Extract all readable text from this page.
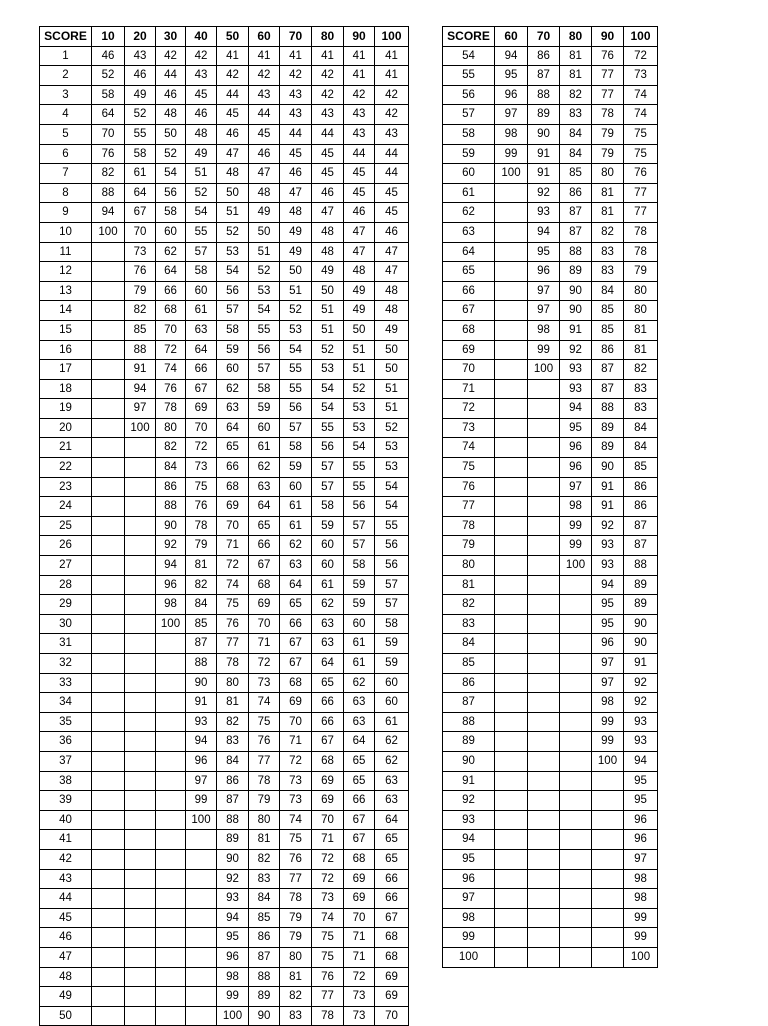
SCORE	10	20	30	40	50	60	70	80	90	100
1	46	43	42	42	41	41	41	41	41	41
2	52	46	44	43	42	42	42	42	41	41
3	58	49	46	45	44	43	43	42	42	42
4	64	52	48	46	45	44	43	43	43	42
5	70	55	50	48	46	45	44	44	43	43
6	76	58	52	49	47	46	45	45	44	44
7	82	61	54	51	48	47	46	45	45	44
8	88	64	56	52	50	48	47	46	45	45
9	94	67	58	54	51	49	48	47	46	45
10	100	70	60	55	52	50	49	48	47	46
11		73	62	57	53	51	49	48	47	47
12		76	64	58	54	52	50	49	48	47
13		79	66	60	56	53	51	50	49	48
14		82	68	61	57	54	52	51	49	48
15		85	70	63	58	55	53	51	50	49
16		88	72	64	59	56	54	52	51	50
17		91	74	66	60	57	55	53	51	50
18		94	76	67	62	58	55	54	52	51
19		97	78	69	63	59	56	54	53	51
20		100	80	70	64	60	57	55	53	52
21			82	72	65	61	58	56	54	53
22			84	73	66	62	59	57	55	53
23			86	75	68	63	60	57	55	54
24			88	76	69	64	61	58	56	54
25			90	78	70	65	61	59	57	55
26			92	79	71	66	62	60	57	56
27			94	81	72	67	63	60	58	56
28			96	82	74	68	64	61	59	57
29			98	84	75	69	65	62	59	57
30			100	85	76	70	66	63	60	58
31				87	77	71	67	63	61	59
32				88	78	72	67	64	61	59
33				90	80	73	68	65	62	60
34				91	81	74	69	66	63	60
35				93	82	75	70	66	63	61
36				94	83	76	71	67	64	62
37				96	84	77	72	68	65	62
38				97	86	78	73	69	65	63
39				99	87	79	73	69	66	63
40				100	88	80	74	70	67	64
41					89	81	75	71	67	65
42					90	82	76	72	68	65
43					92	83	77	72	69	66
44					93	84	78	73	69	66
45					94	85	79	74	70	67
46					95	86	79	75	71	68
47					96	87	80	75	71	68
48					98	88	81	76	72	69
49					99	89	82	77	73	69
50					100	90	83	78	73	70
SCORE	60	70	80	90	100
54	94	86	81	76	72
55	95	87	81	77	73
56	96	88	82	77	74
57	97	89	83	78	74
58	98	90	84	79	75
59	99	91	84	79	75
60	100	91	85	80	76
61		92	86	81	77
62		93	87	81	77
63		94	87	82	78
64		95	88	83	78
65		96	89	83	79
66		97	90	84	80
67		97	90	85	80
68		98	91	85	81
69		99	92	86	81
70		100	93	87	82
71			93	87	83
72			94	88	83
73			95	89	84
74			96	89	84
75			96	90	85
76			97	91	86
77			98	91	86
78			99	92	87
79			99	93	87
80			100	93	88
81				94	89
82				95	89
83				95	90
84				96	90
85				97	91
86				97	92
87				98	92
88				99	93
89				99	93
90				100	94
91					95
92					95
93					96
94					96
95					97
96					98
97					98
98					99
99					99
100					100
